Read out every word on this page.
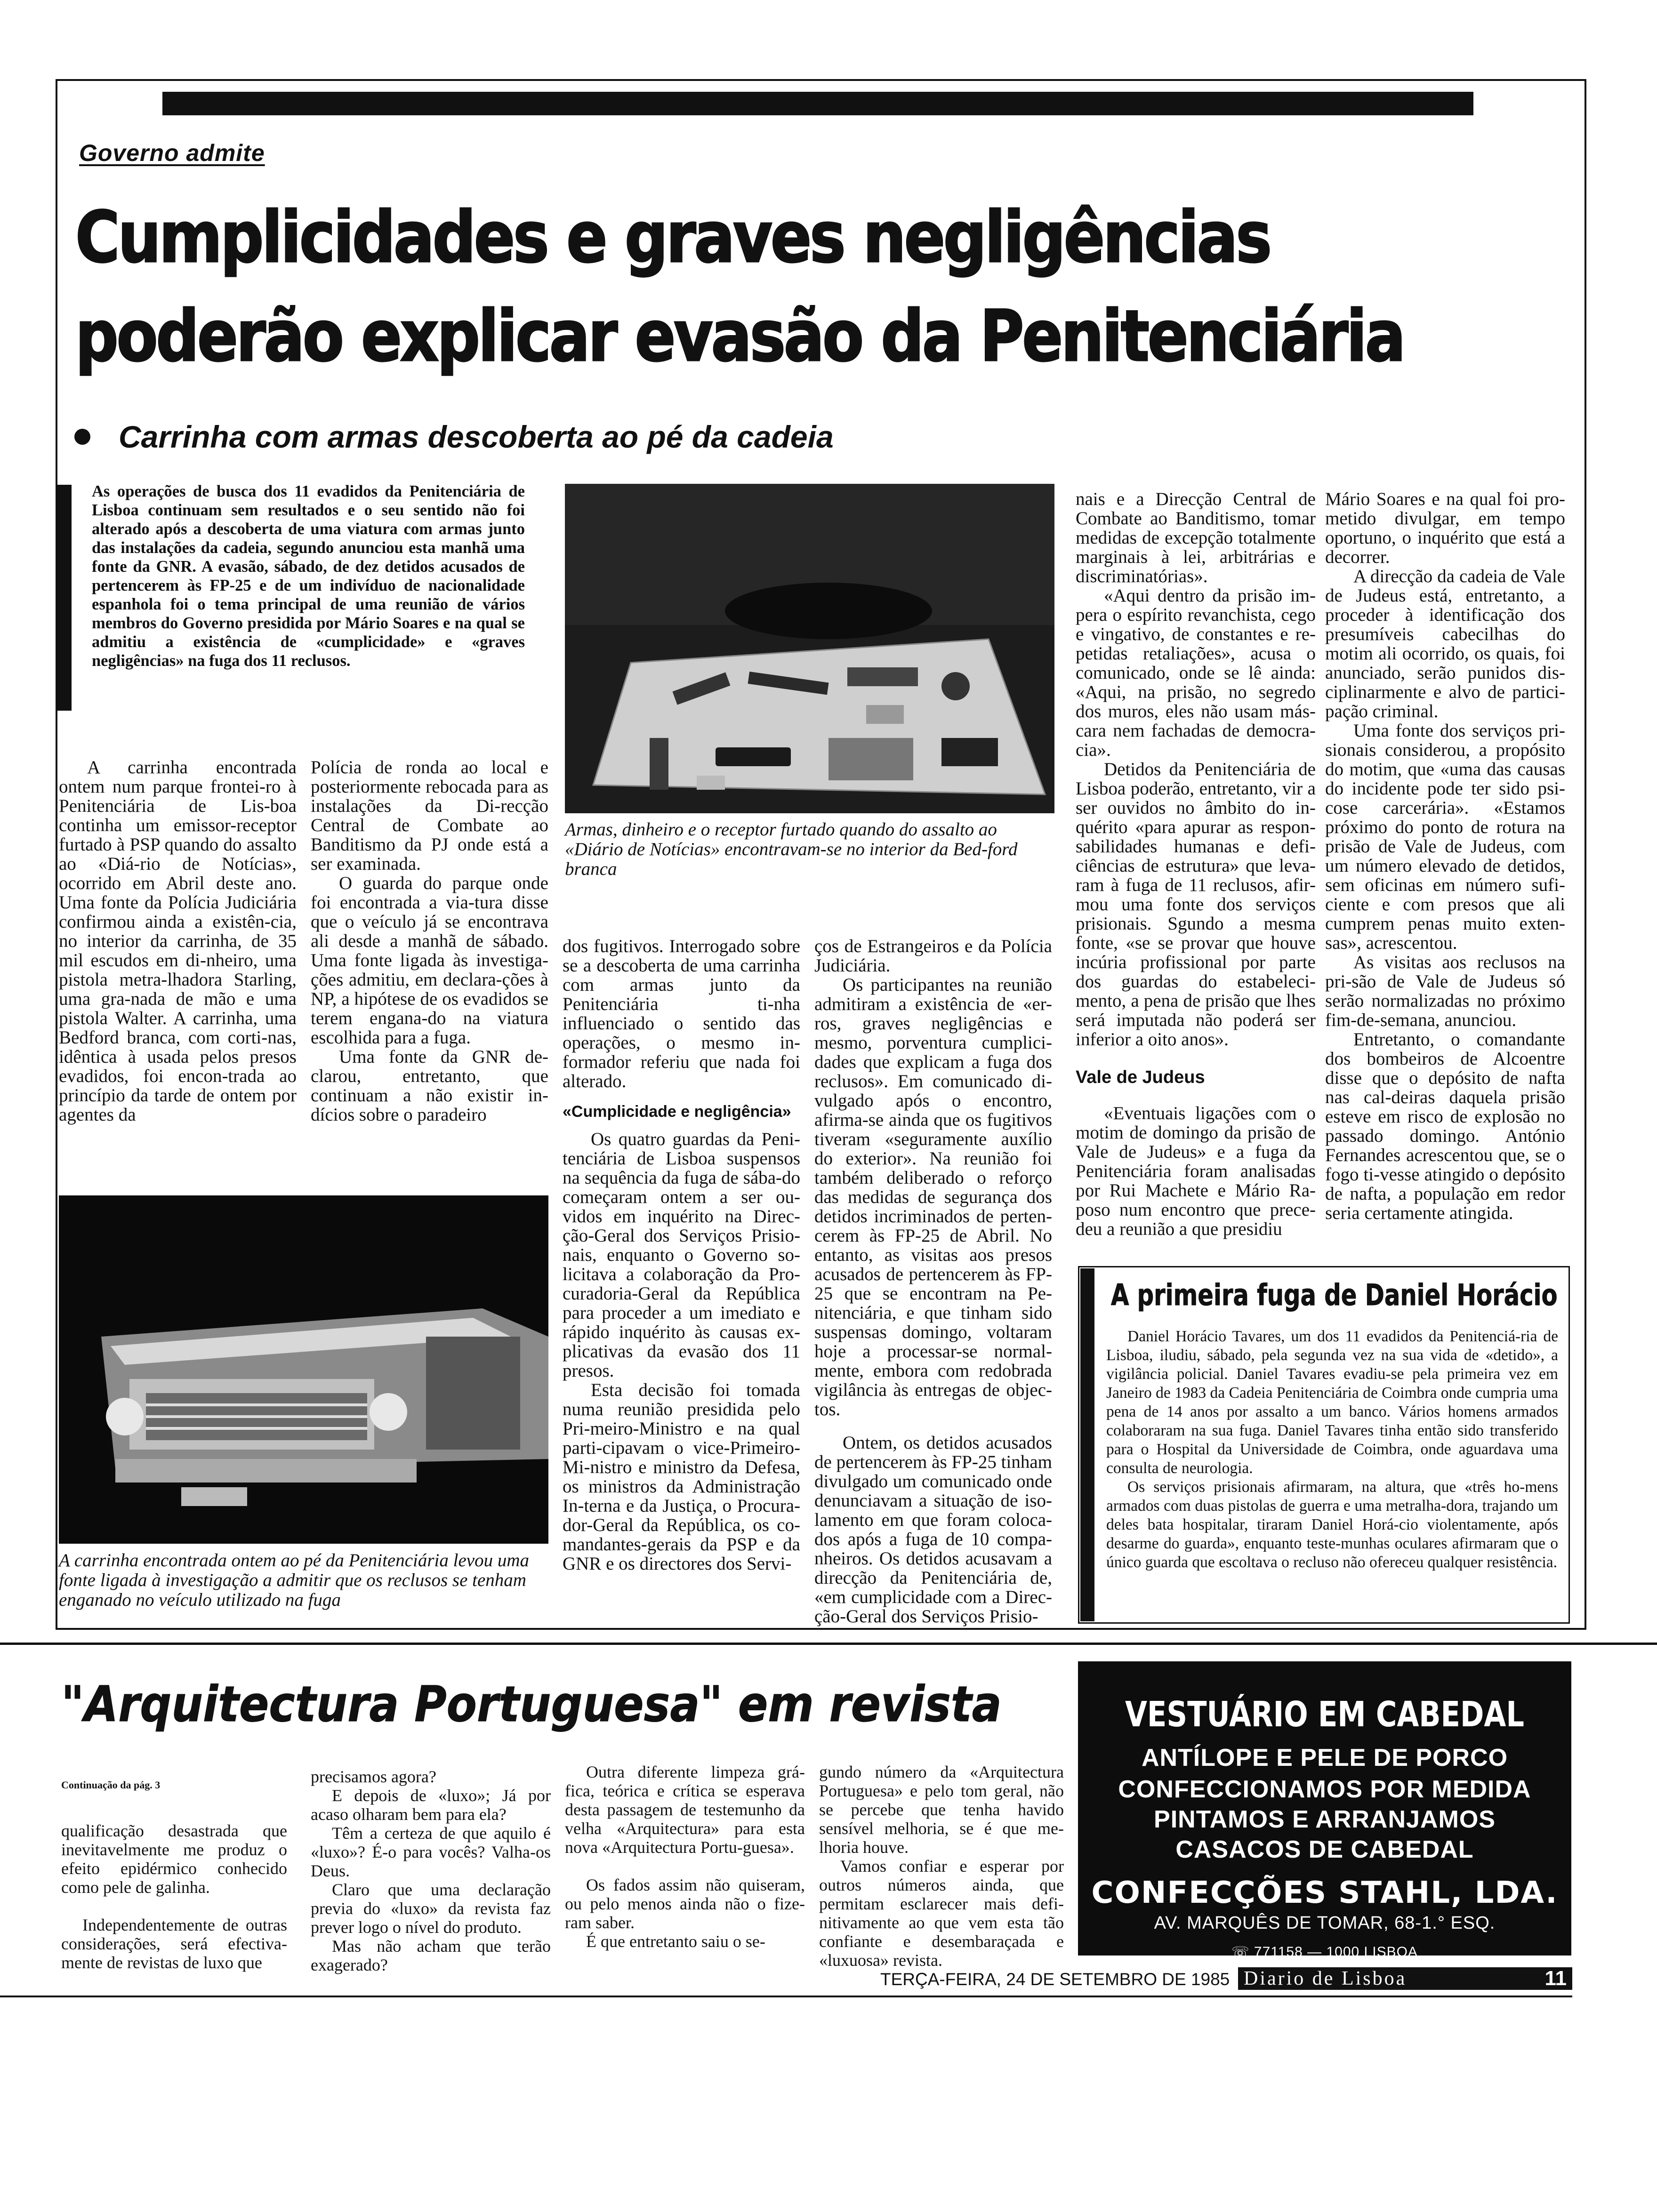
Governo admite
Cumplicidades e graves negligências
poderão explicar evasão da Penitenciária
Carrinha com armas descoberta ao pé da cadeia
As operações de busca dos 11 evadidos da Penitenciária de Lisboa continuam sem resultados e o seu sentido não foi alterado após a descoberta de uma viatura com armas junto das instalações da cadeia, segundo anunciou esta manhã uma fonte da GNR. A evasão, sábado, de dez detidos acusados de pertencerem às FP-25 e de um indivíduo de nacionalidade espanhola foi o tema principal de uma reunião de vários membros do Governo presidida por Mário Soares e na qual se admitiu a existência de «cumplicidade» e «graves negligências» na fuga dos 11 reclusos.

A carrinha encontrada ontem num parque frontei-ro à Penitenciária de Lis-boa continha um emissor-receptor furtado à PSP quando do assalto ao «Diá-rio de Notícias», ocorrido em Abril deste ano. Uma fonte da Polícia Judiciária confirmou ainda a existên-cia, no interior da carrinha, de 35 mil escudos em di-nheiro, uma pistola metra-lhadora Starling, uma gra-nada de mão e uma pistola Walter. A carrinha, uma Bedford branca, com corti-nas, idêntica à usada pelos presos evadidos, foi encon-trada ao princípio da tarde de ontem por agentes da

Polícia de ronda ao local e posteriormente rebocada para as instalações da Di-recção Central de Combate ao Banditismo da PJ onde está a ser examinada.

O guarda do parque onde foi encontrada a via-tura disse que o veículo já se encontrava ali desde a manhã de sábado. Uma fonte ligada às investiga-ções admitiu, em declara-ções à NP, a hipótese de os evadidos se terem engana-do na viatura escolhida para a fuga.

Uma fonte da GNR de-clarou, entretanto, que continuam a não existir in-dícios sobre o paradeiro

Armas, dinheiro e o receptor furtado quando do assalto ao «Diário de Notícias» encontravam-se no interior da Bed-ford branca

dos fugitivos. Interrogado sobre se a descoberta de uma carrinha com armas junto da Penitenciária ti-nha influenciado o sentido das operações, o mesmo in-formador referiu que nada foi alterado.

«Cumplicidade e negligência»

Os quatro guardas da Peni-tenciária de Lisboa suspensos na sequência da fuga de sába-do começaram ontem a ser ou-vidos em inquérito na Direc-ção-Geral dos Serviços Prisio-nais, enquanto o Governo so-licitava a colaboração da Pro-curadoria-Geral da República para proceder a um imediato e rápido inquérito às causas ex-plicativas da evasão dos 11 presos.

Esta decisão foi tomada numa reunião presidida pelo Pri-meiro-Ministro e na qual parti-cipavam o vice-Primeiro-Mi-nistro e ministro da Defesa, os ministros da Administração In-terna e da Justiça, o Procura-dor-Geral da República, os co-mandantes-gerais da PSP e da GNR e os directores dos Servi-

ços de Estrangeiros e da Polícia Judiciária.

Os participantes na reunião admitiram a existência de «er-ros, graves negligências e mesmo, porventura cumplici-dades que explicam a fuga dos reclusos». Em comunicado di-vulgado após o encontro, afirma-se ainda que os fugitivos tiveram «seguramente auxílio do exterior». Na reunião foi também deliberado o reforço das medidas de segurança dos detidos incriminados de perten-cerem às FP-25 de Abril. No entanto, as visitas aos presos acusados de pertencerem às FP-25 que se encontram na Pe-nitenciária, e que tinham sido suspensas domingo, voltaram hoje a processar-se normal-mente, embora com redobrada vigilância às entregas de objec-tos.

Ontem, os detidos acusados de pertencerem às FP-25 tinham divulgado um comunicado onde denunciavam a situação de iso-lamento em que foram coloca-dos após a fuga de 10 compa-nheiros. Os detidos acusavam a direcção da Penitenciária de, «em cumplicidade com a Direc-ção-Geral dos Serviços Prisio-

nais e a Direcção Central de Combate ao Banditismo, tomar medidas de excepção totalmente marginais à lei, arbitrárias e discriminatórias».

«Aqui dentro da prisão im-pera o espírito revanchista, cego e vingativo, de constantes e re-petidas retaliações», acusa o comunicado, onde se lê ainda: «Aqui, na prisão, no segredo dos muros, eles não usam más-cara nem fachadas de democra-cia».

Detidos da Penitenciária de Lisboa poderão, entretanto, vir a ser ouvidos no âmbito do in-quérito «para apurar as respon-sabilidades humanas e defi-ciências de estrutura» que leva-ram à fuga de 11 reclusos, afir-mou uma fonte dos serviços prisionais. Sgundo a mesma fonte, «se se provar que houve incúria profissional por parte dos guardas do estabeleci-mento, a pena de prisão que lhes será imputada não poderá ser inferior a oito anos».

Vale de Judeus

«Eventuais ligações com o motim de domingo da prisão de Vale de Judeus» e a fuga da Penitenciária foram analisadas por Rui Machete e Mário Ra-poso num encontro que prece-deu a reunião a que presidiu

Mário Soares e na qual foi pro-metido divulgar, em tempo oportuno, o inquérito que está a decorrer.

A direcção da cadeia de Vale de Judeus está, entretanto, a proceder à identificação dos presumíveis cabecilhas do motim ali ocorrido, os quais, foi anunciado, serão punidos dis-ciplinarmente e alvo de partici-pação criminal.

Uma fonte dos serviços pri-sionais considerou, a propósito do motim, que «uma das causas do incidente pode ter sido psi-cose carcerária». «Estamos próximo do ponto de rotura na prisão de Vale de Judeus, com um número elevado de detidos, sem oficinas em número sufi-ciente e com presos que ali cumprem penas muito exten-sas», acrescentou.

As visitas aos reclusos na pri-são de Vale de Judeus só serão normalizadas no próximo fim-de-semana, anunciou.

Entretanto, o comandante dos bombeiros de Alcoentre disse que o depósito de nafta nas cal-deiras daquela prisão esteve em risco de explosão no passado domingo. António Fernandes acrescentou que, se o fogo ti-vesse atingido o depósito de nafta, a população em redor seria certamente atingida.

A carrinha encontrada ontem ao pé da Penitenciária levou uma fonte ligada à investigação a admitir que os reclusos se tenham enganado no veículo utilizado na fuga
A primeira fuga de Daniel Horácio

Daniel Horácio Tavares, um dos 11 evadidos da Penitenciá-ria de Lisboa, iludiu, sábado, pela segunda vez na sua vida de «detido», a vigilância policial. Daniel Tavares evadiu-se pela primeira vez em Janeiro de 1983 da Cadeia Penitenciária de Coimbra onde cumpria uma pena de 14 anos por assalto a um banco. Vários homens armados colaboraram na sua fuga. Daniel Tavares tinha então sido transferido para o Hospital da Universidade de Coimbra, onde aguardava uma consulta de neurologia.

Os serviços prisionais afirmaram, na altura, que «três ho-mens armados com duas pistolas de guerra e uma metralha-dora, trajando um deles bata hospitalar, tiraram Daniel Horá-cio violentamente, após desarme do guarda», enquanto teste-munhas oculares afirmaram que o único guarda que escoltava o recluso não ofereceu qualquer resistência.

"Arquitectura Portuguesa" em revista
Continuação da pág. 3

qualificação desastrada que inevitavelmente me produz o efeito epidérmico conhecido como pele de galinha.

Independentemente de outras considerações, será efectiva-mente de revistas de luxo que

precisamos agora?

E depois de «luxo»; Já por acaso olharam bem para ela?

Têm a certeza de que aquilo é «luxo»? É-o para vocês? Valha-os Deus.

Claro que uma declaração previa do «luxo» da revista faz prever logo o nível do produto.

Mas não acham que terão exagerado?

Outra diferente limpeza grá-fica, teórica e crítica se esperava desta passagem de testemunho da velha «Arquitectura» para esta nova «Arquitectura Portu-guesa».

Os fados assim não quiseram, ou pelo menos ainda não o fize-ram saber.

É que entretanto saiu o se-

gundo número da «Arquitectura Portuguesa» e pelo tom geral, não se percebe que tenha havido sensível melhoria, se é que me-lhoria houve.

Vamos confiar e esperar por outros números ainda, que permitam esclarecer mais defi-nitivamente ao que vem esta tão confiante e desembaraçada e «luxuosa» revista.

VESTUÁRIO EM CABEDAL
ANTÍLOPE E PELE DE PORCO
CONFECCIONAMOS POR MEDIDA
PINTAMOS E ARRANJAMOS
CASACOS DE CABEDAL
CONFECÇÕES STAHL, LDA.
AV. MARQUÊS DE TOMAR, 68-1.° ESQ.
☏ 771158 — 1000 LISBOA
TERÇA-FEIRA, 24 DE SETEMBRO DE 1985 Diario de Lisboa	11
